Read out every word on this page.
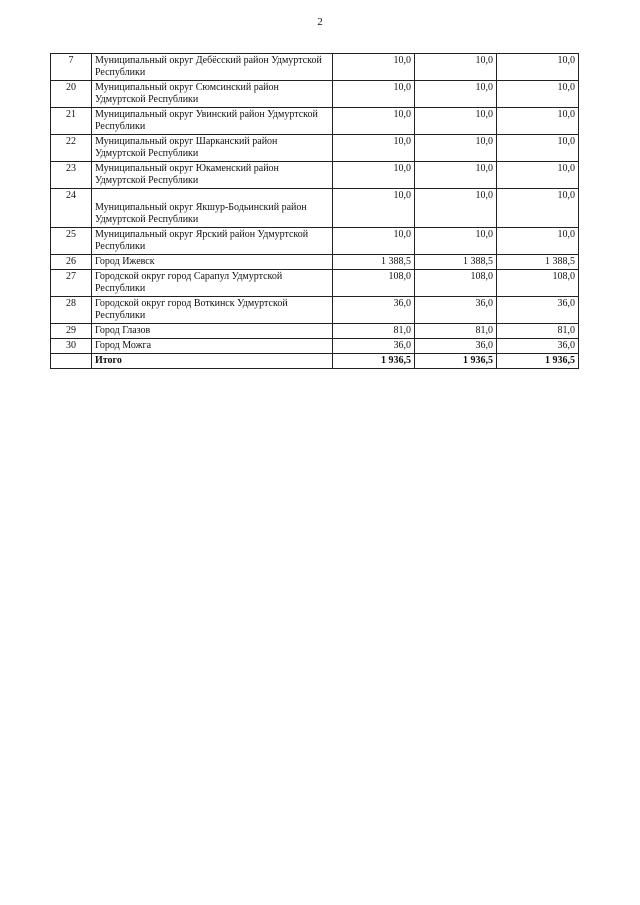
2
7	Муниципальный округ Дебёсский район Удмуртской Республики	10,0	10,0	10,0
20	Муниципальный округ Сюмсинский район Удмуртской Республики	10,0	10,0	10,0
21	Муниципальный округ Увинский район Удмуртской Республики	10,0	10,0	10,0
22	Муниципальный округ Шарканский район Удмуртской Республики	10,0	10,0	10,0
23	Муниципальный округ Юкаменский район Удмуртской Республики	10,0	10,0	10,0
24	Муниципальный округ Якшур-Бодьинский район Удмуртской Республики	10,0	10,0	10,0
25	Муниципальный округ Ярский район Удмуртской Республики	10,0	10,0	10,0
26	Город Ижевск	1 388,5	1 388,5	1 388,5
27	Городской округ город Сарапул Удмуртской Республики	108,0	108,0	108,0
28	Городской округ город Воткинск Удмуртской Республики	36,0	36,0	36,0
29	Город Глазов	81,0	81,0	81,0
30	Город Можга	36,0	36,0	36,0
	Итого	1 936,5	1 936,5	1 936,5
